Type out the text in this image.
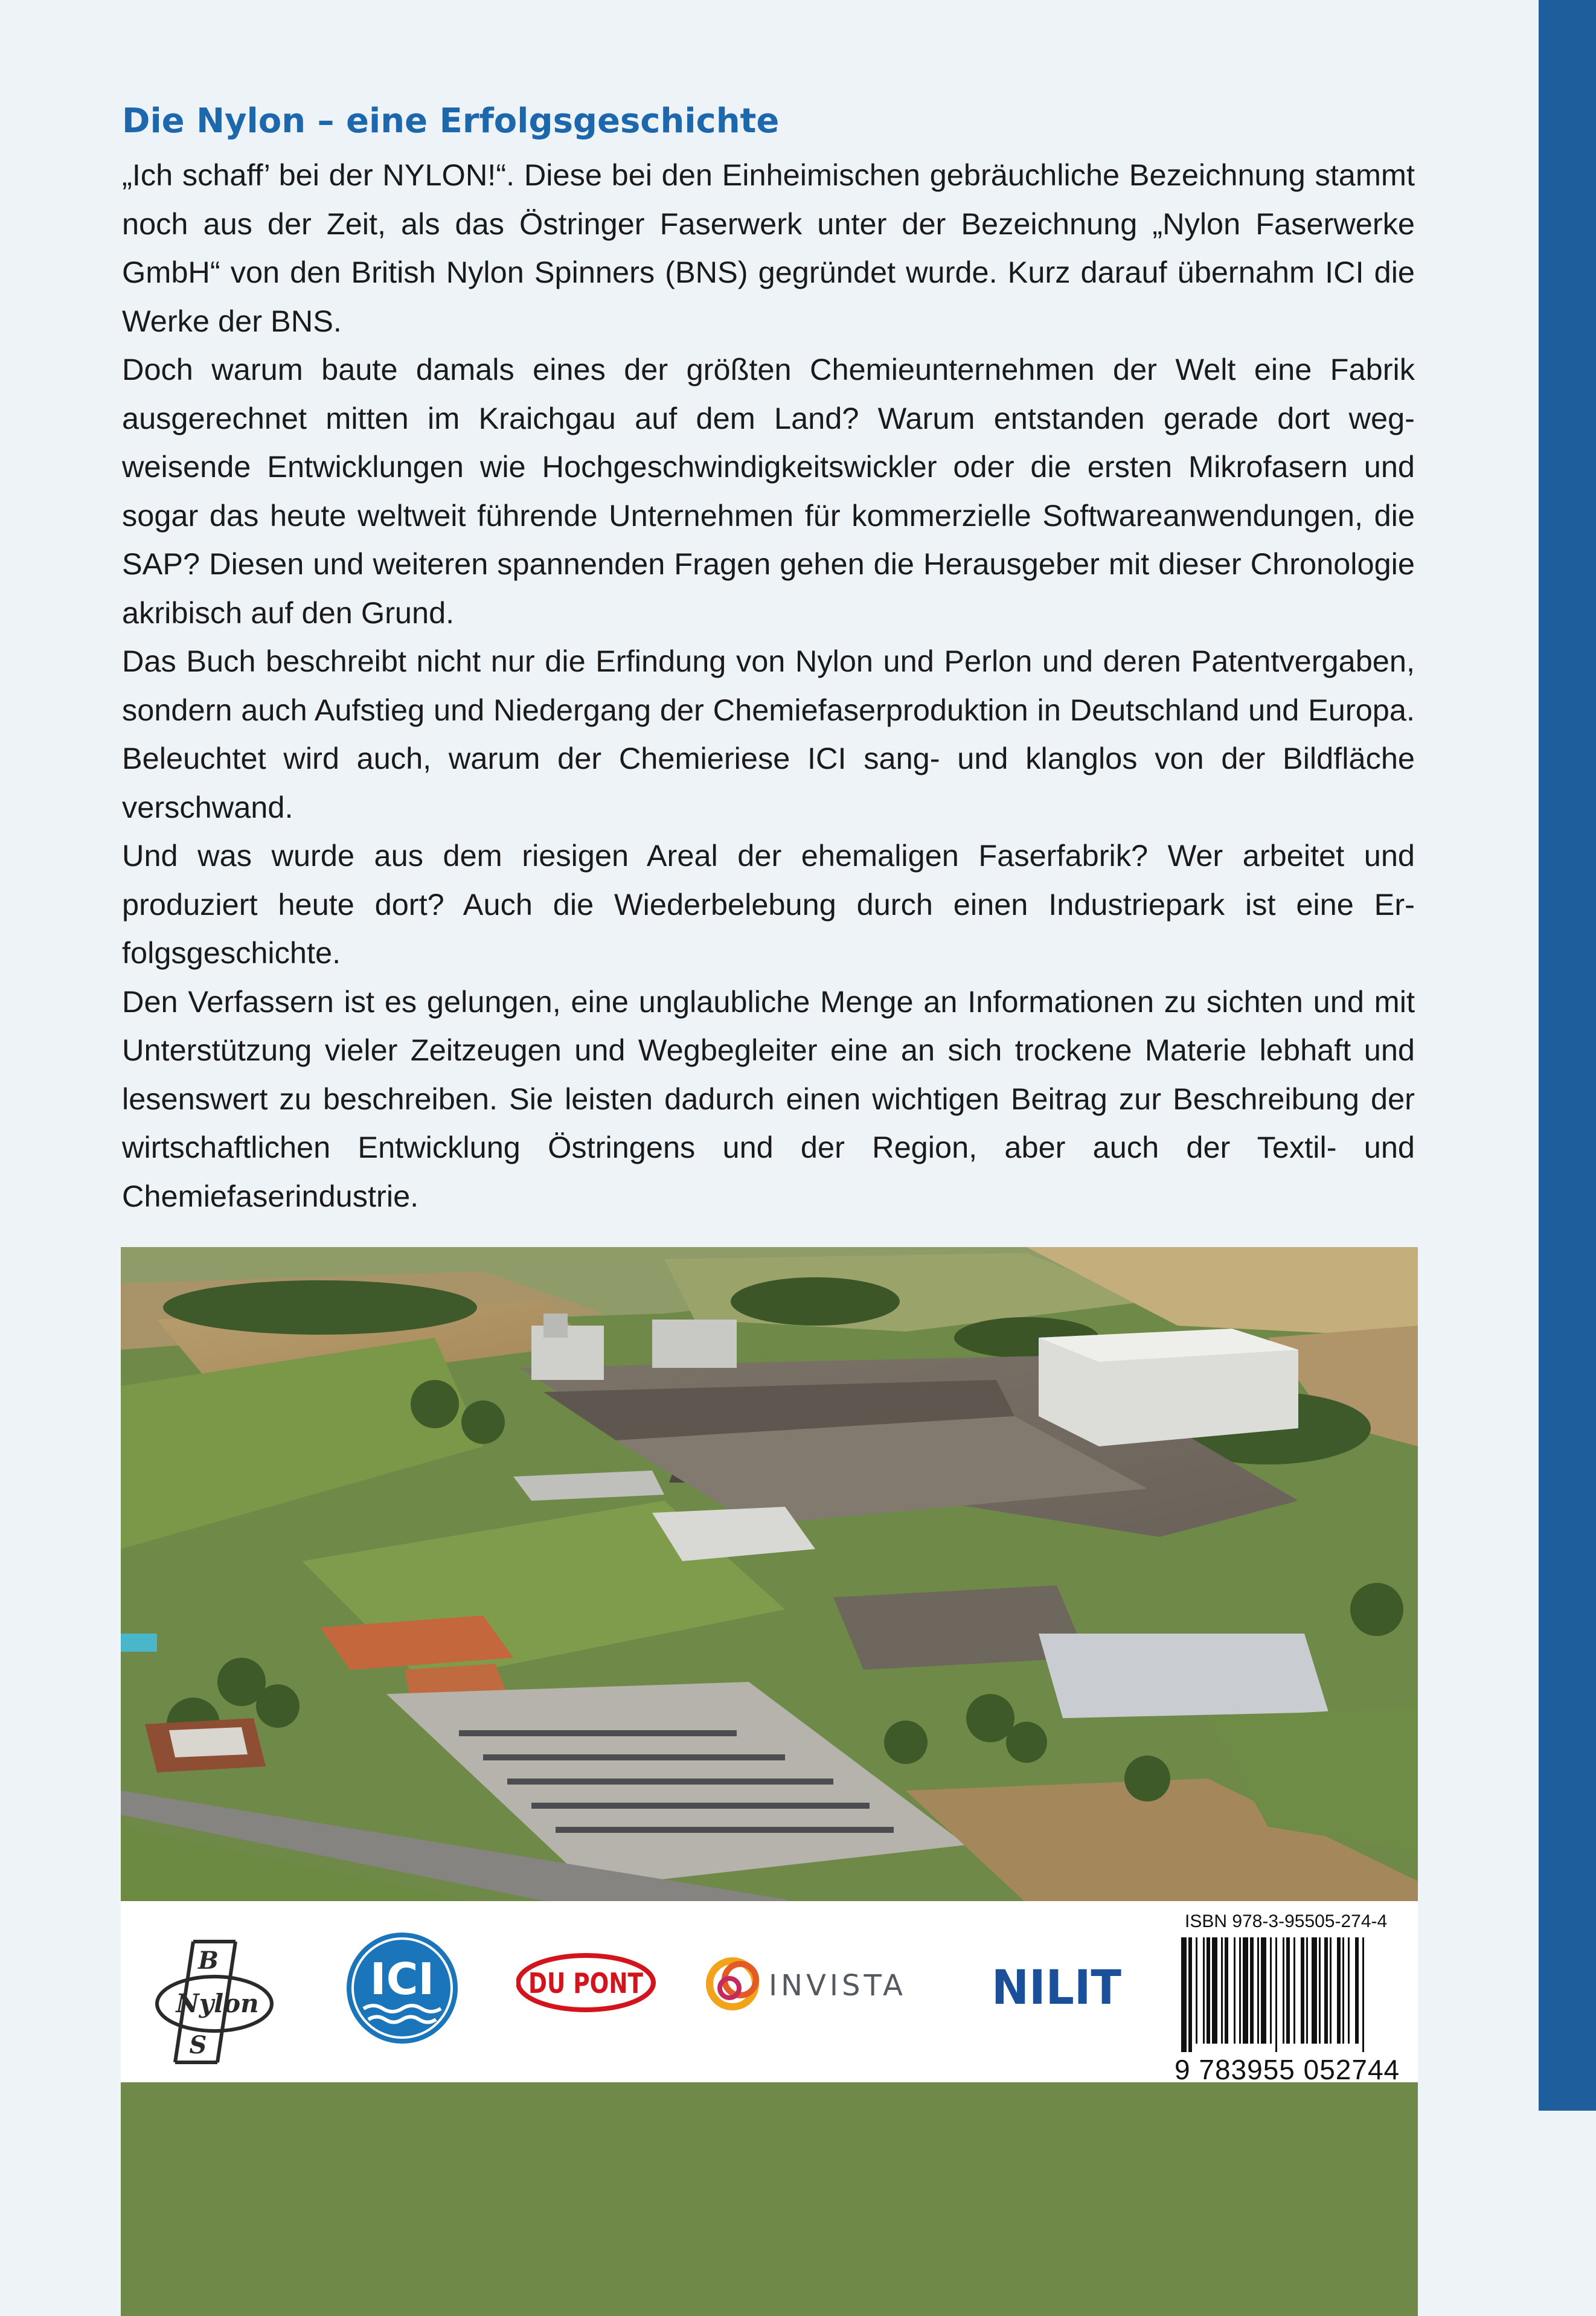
Die Nylon – eine Erfolgsgeschichte

„Ich schaff’ bei der NYLON!“. Diese bei den Einheimischen gebräuchliche Bezeichnung stammt noch aus der Zeit, als das Östringer Faserwerk unter der Bezeichnung „Nylon Faserwerke GmbH“ von den British Nylon Spinners (BNS) gegründet wurde. Kurz darauf übernahm ICI die Werke der BNS.

Doch warum baute damals eines der größten Chemieunternehmen der Welt eine Fabrik ausgerechnet mitten im Kraichgau auf dem Land? Warum entstanden gerade dort wegweisende Entwicklungen wie Hochgeschwindigkeitswickler oder die ersten Mikrofasern und sogar das heute weltweit führende Unternehmen für kommerzielle Softwareanwendungen, die SAP? Diesen und weiteren spannenden Fragen gehen die Herausgeber mit dieser Chronologie akribisch auf den Grund.

Das Buch beschreibt nicht nur die Erfindung von Nylon und Perlon und deren Patentvergaben, sondern auch Aufstieg und Niedergang der Chemiefaserproduktion in Deutschland und Europa. Beleuchtet wird auch, warum der Chemieriese ICI sang- und klanglos von der Bildfläche verschwand.

Und was wurde aus dem riesigen Areal der ehemaligen Faserfabrik? Wer arbeitet und produziert heute dort? Auch die Wiederbelebung durch einen Industriepark ist eine Erfolgsgeschichte.

Den Verfassern ist es gelungen, eine unglaubliche Menge an Informationen zu sichten und mit Unterstützung vieler Zeitzeugen und Wegbegleiter eine an sich trockene Materie lebhaft und lesenswert zu beschreiben. Sie leisten dadurch einen wichtigen Beitrag zur Beschreibung der wirtschaftlichen Entwicklung Östringens und der Region, aber auch der Textil- und Chemiefaserindustrie.

B
Nylon
S
ICI	DU PONT	INVISTA NILIT
ISBN 978-3-95505-274-4
9 783955 052744
